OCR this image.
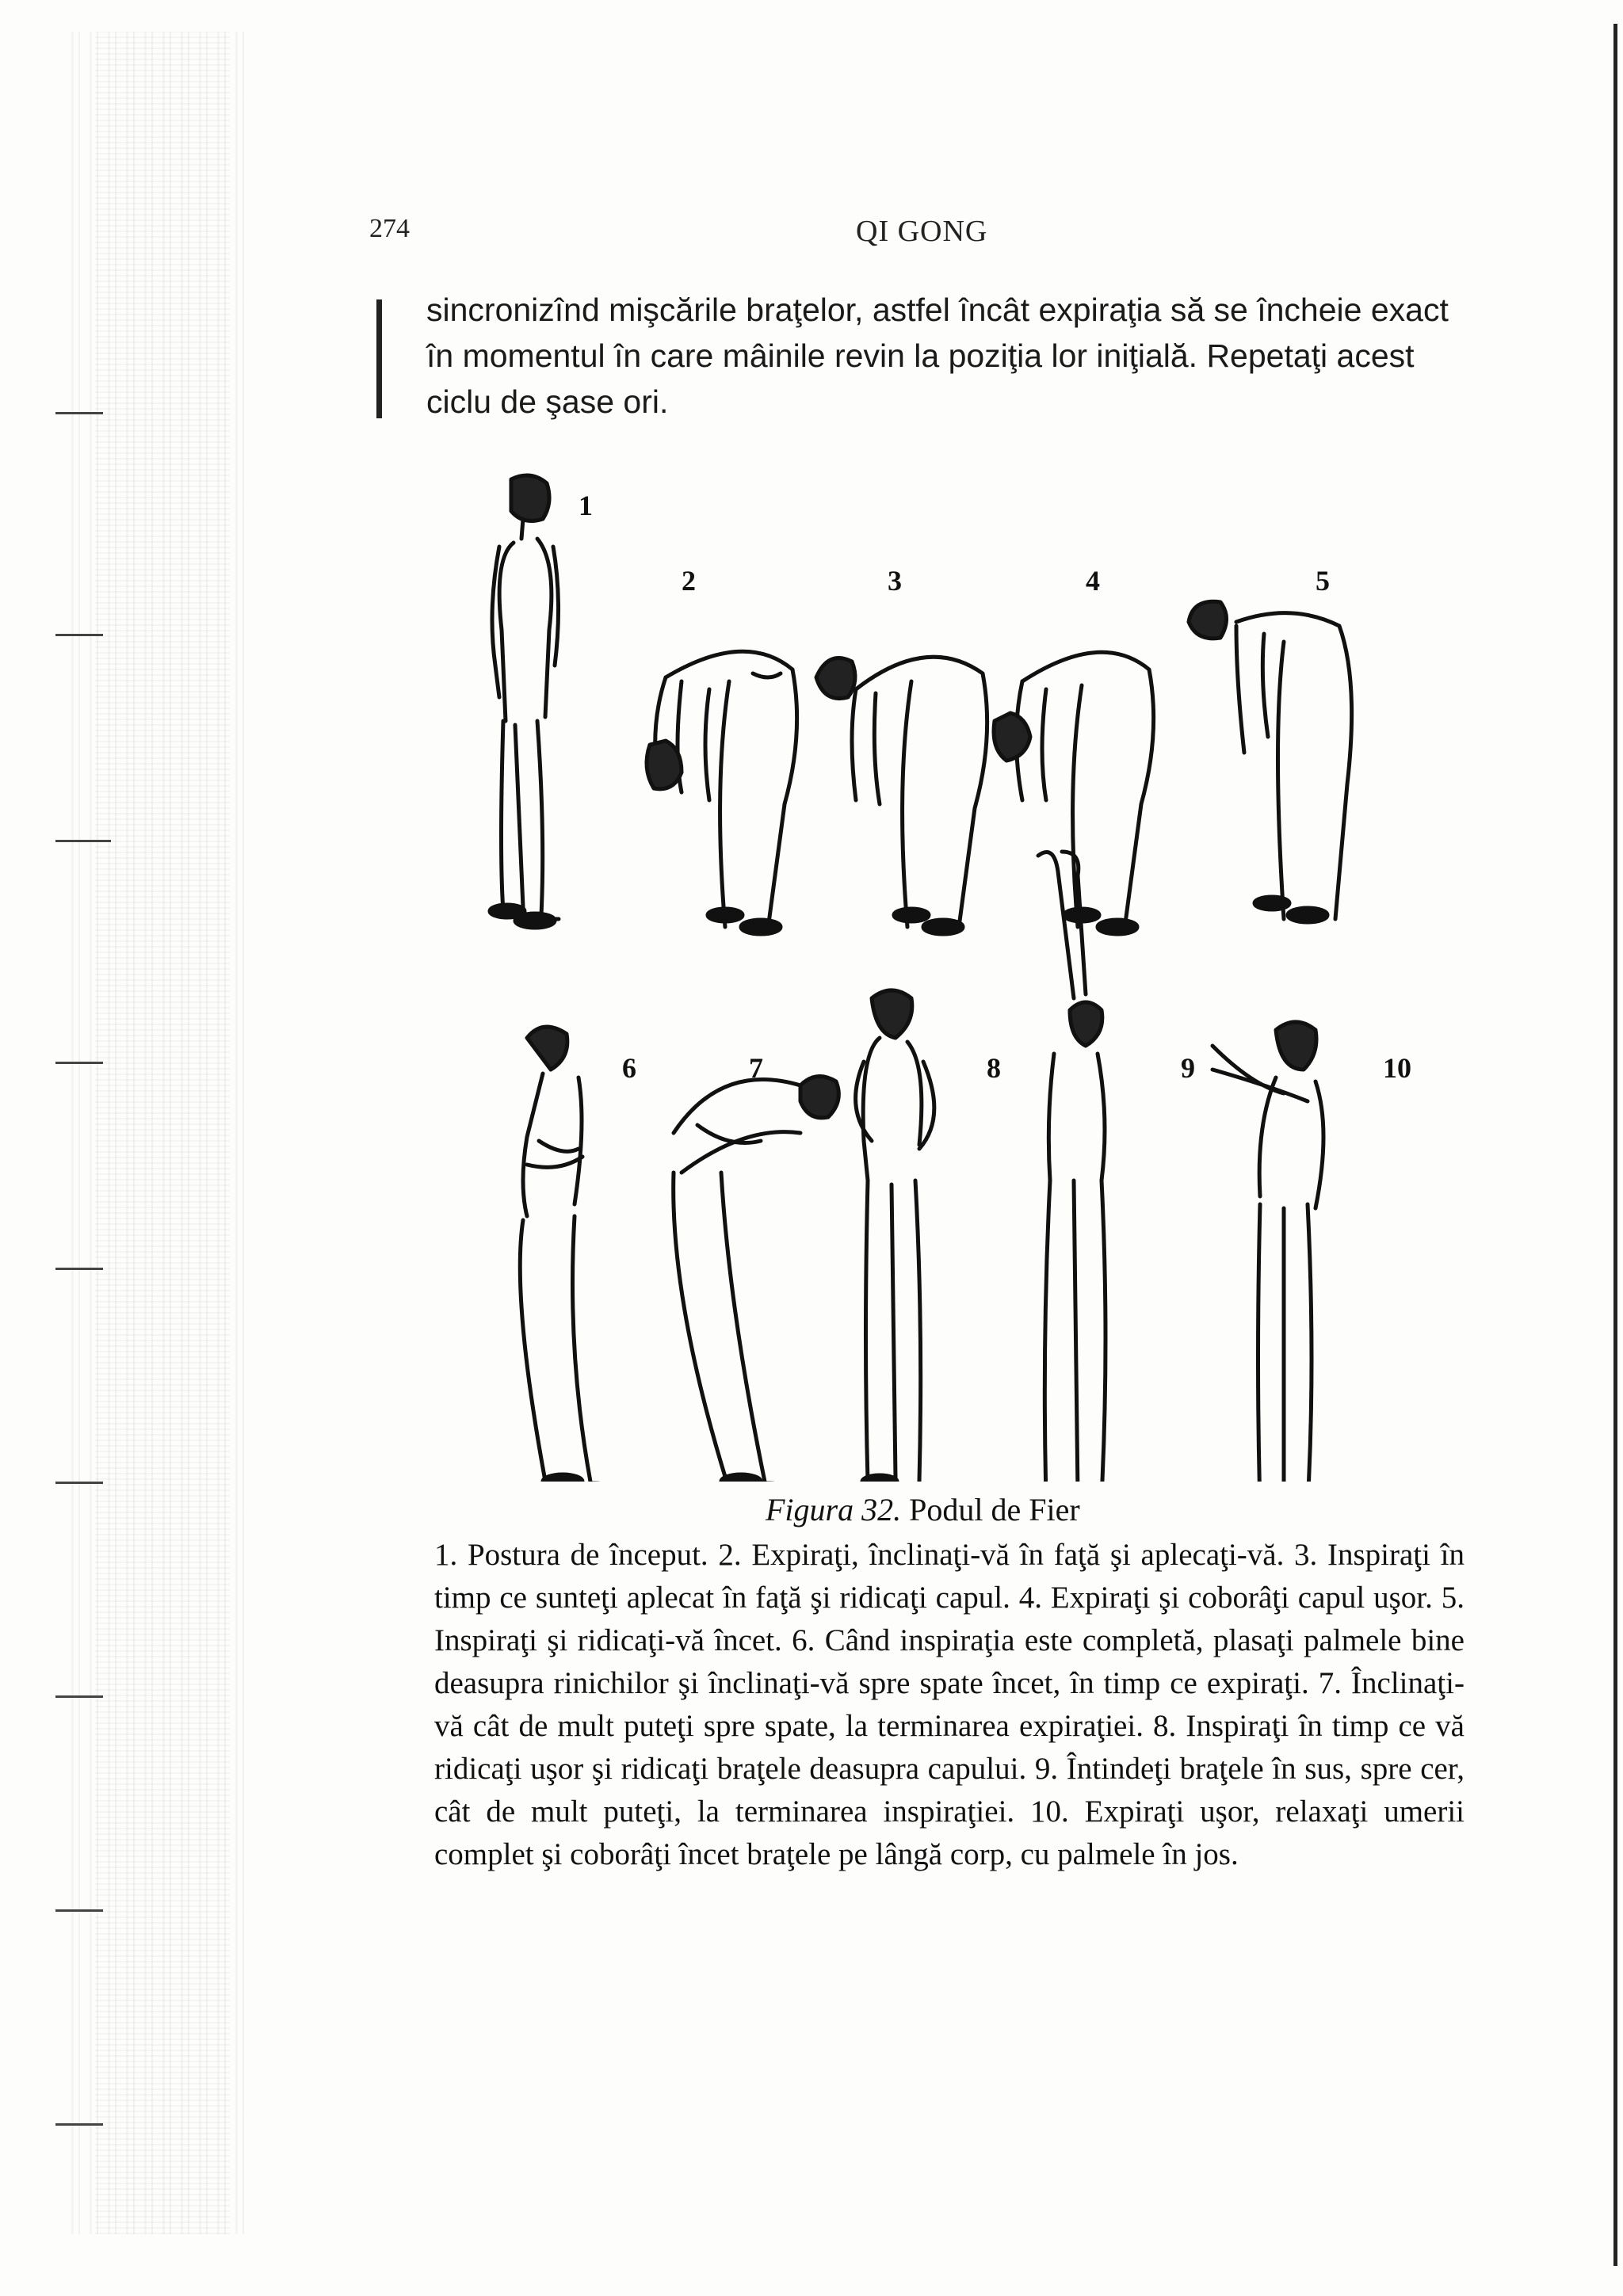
274	QI GONG
sincronizînd mişcările braţelor, astfel încât expiraţia să se încheie exact în momentul în care mâinile revin la poziţia lor iniţială. Repetaţi acest ciclu de şase ori.
1
2	3	4	5
6	7	8	9	10
Figura 32. Podul de Fier
1. Postura de început. 2. Expiraţi, înclinaţi-vă în faţă şi aplecaţi-vă. 3. Inspiraţi în timp ce sunteţi aplecat în faţă şi ridicaţi capul. 4. Expiraţi şi coborâţi capul uşor. 5. Inspiraţi şi ridicaţi-vă încet. 6. Când inspiraţia este completă, plasaţi palmele bine deasupra rinichilor şi înclinaţi-vă spre spate încet, în timp ce expiraţi. 7. Înclinaţi-vă cât de mult puteţi spre spate, la terminarea expiraţiei. 8. Inspiraţi în timp ce vă ridicaţi uşor şi ridicaţi braţele deasupra capului. 9. Întindeţi braţele în sus, spre cer, cât de mult puteţi, la terminarea inspiraţiei. 10. Expiraţi uşor, relaxaţi umerii complet şi coborâţi încet braţele pe lângă corp, cu palmele în jos.
